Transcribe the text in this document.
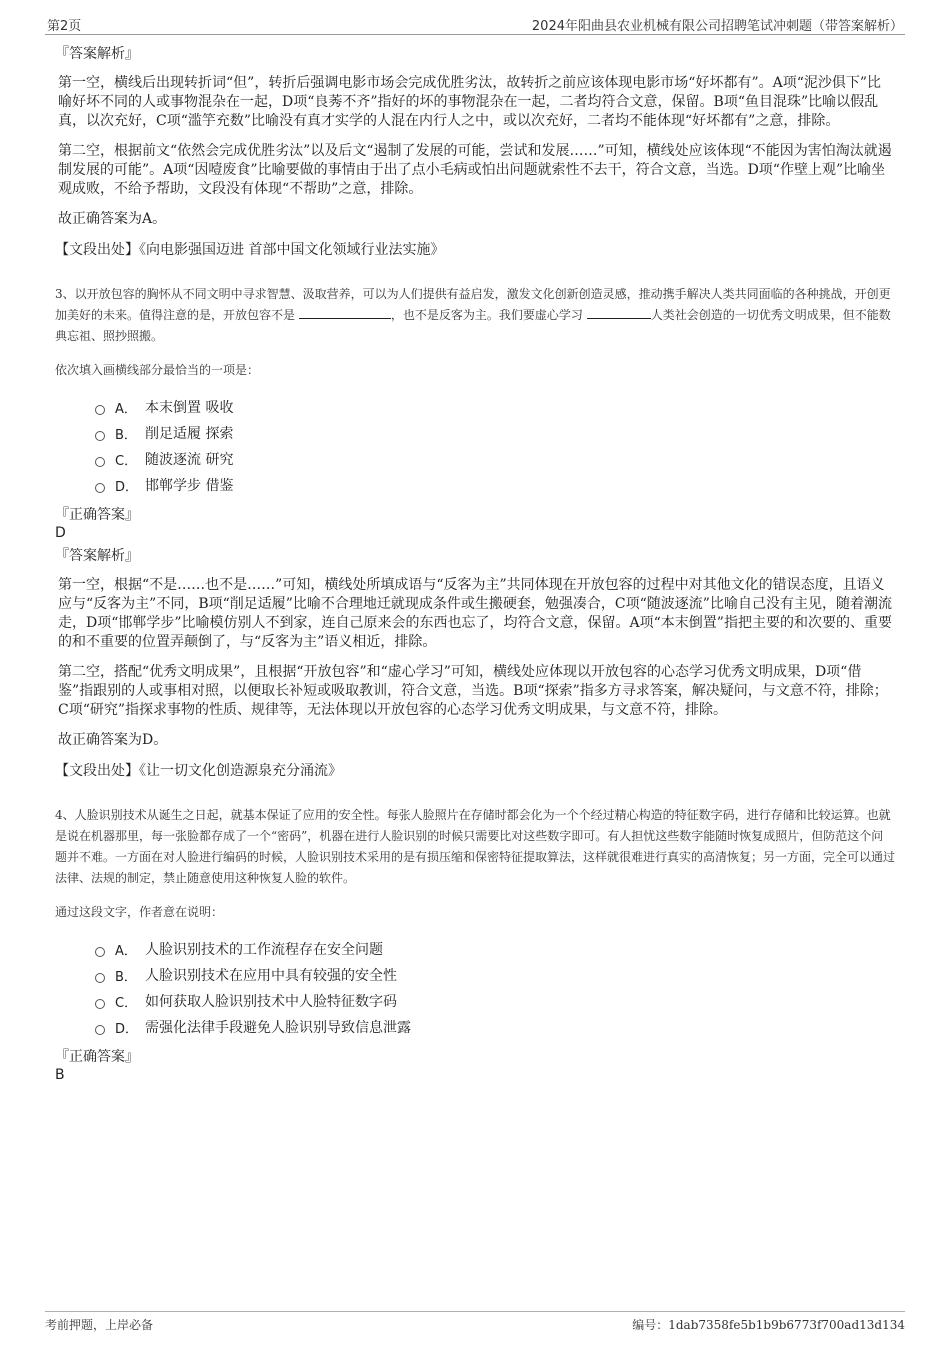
第2页	2024年阳曲县农业机械有限公司招聘笔试冲刺题（带答案解析）

『答案解析』

第一空，横线后出现转折词“但”，转折后强调电影市场会完成优胜劣汰，故转折之前应该体现电影市场“好坏都有”。A项“泥沙俱下”比喻好坏不同的人或事物混杂在一起，D项“良莠不齐”指好的坏的事物混杂在一起，二者均符合文意，保留。B项“鱼目混珠”比喻以假乱真，以次充好，C项“滥竽充数”比喻没有真才实学的人混在内行人之中，或以次充好，二者均不能体现“好坏都有”之意，排除。

第二空，根据前文“依然会完成优胜劣汰”以及后文“遏制了发展的可能，尝试和发展……”可知，横线处应该体现“不能因为害怕淘汰就遏制发展的可能”。A项“因噎废食”比喻要做的事情由于出了点小毛病或怕出问题就索性不去干，符合文意，当选。D项“作壁上观”比喻坐观成败，不给予帮助，文段没有体现“不帮助”之意，排除。

故正确答案为A。

【文段出处】《向电影强国迈进 首部中国文化领域行业法实施》

3、以开放包容的胸怀从不同文明中寻求智慧、汲取营养，可以为人们提供有益启发，激发文化创新创造灵感，推动携手解决人类共同面临的各种挑战，开创更加美好的未来。值得注意的是，开放包容不是	，也不是反客为主。我们要虚心学习	人类社会创造的一切优秀文明成果，但不能数典忘祖、照抄照搬。

依次填入画横线部分最恰当的一项是：

A． 本末倒置 吸收
B． 削足适履 探索
C． 随波逐流 研究
D． 邯郸学步 借鉴

『正确答案』

D

『答案解析』

第一空，根据“不是……也不是……”可知，横线处所填成语与“反客为主”共同体现在开放包容的过程中对其他文化的错误态度，且语义应与“反客为主”不同，B项“削足适履”比喻不合理地迁就现成条件或生搬硬套，勉强凑合，C项“随波逐流”比喻自己没有主见，随着潮流走，D项“邯郸学步”比喻模仿别人不到家，连自己原来会的东西也忘了，均符合文意，保留。A项“本末倒置”指把主要的和次要的、重要的和不重要的位置弄颠倒了，与“反客为主”语义相近，排除。

第二空，搭配“优秀文明成果”，且根据“开放包容”和“虚心学习”可知，横线处应体现以开放包容的心态学习优秀文明成果，D项“借鉴”指跟别的人或事相对照，以便取长补短或吸取教训，符合文意，当选。B项“探索”指多方寻求答案，解决疑问，与文意不符，排除；C项“研究”指探求事物的性质、规律等，无法体现以开放包容的心态学习优秀文明成果，与文意不符，排除。

故正确答案为D。

【文段出处】《让一切文化创造源泉充分涌流》

4、人脸识别技术从诞生之日起，就基本保证了应用的安全性。每张人脸照片在存储时都会化为一个个经过精心构造的特征数字码，进行存储和比较运算。也就是说在机器那里，每一张脸都存成了一个“密码”，机器在进行人脸识别的时候只需要比对这些数字即可。有人担忧这些数字能随时恢复成照片，但防范这个问题并不难。一方面在对人脸进行编码的时候，人脸识别技术采用的是有损压缩和保密特征提取算法，这样就很难进行真实的高清恢复；另一方面，完全可以通过法律、法规的制定，禁止随意使用这种恢复人脸的软件。

通过这段文字，作者意在说明：

A． 人脸识别技术的工作流程存在安全问题
B． 人脸识别技术在应用中具有较强的安全性
C． 如何获取人脸识别技术中人脸特征数字码
D． 需强化法律手段避免人脸识别导致信息泄露

『正确答案』

B

考前押题，上岸必备	编号：1dab7358fe5b1b9b6773f700ad13d134
